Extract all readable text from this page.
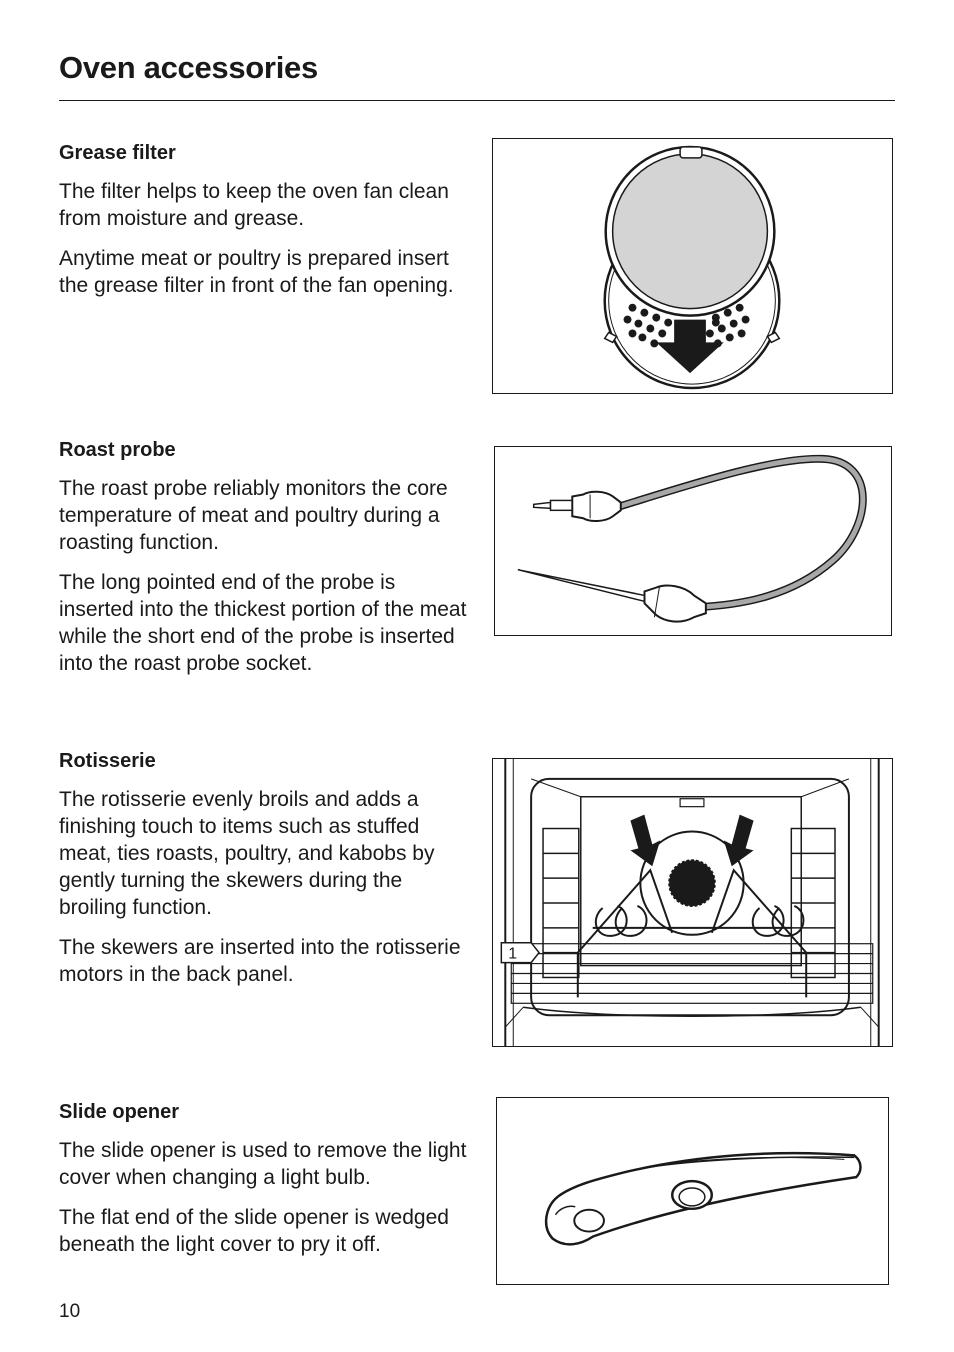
Oven accessories
Grease filter

The filter helps to keep the oven fan clean from moisture and grease.

Anytime meat or poultry is prepared insert the grease filter in front of the fan opening.

Roast probe

The roast probe reliably monitors the core temperature of meat and poultry during a roasting function.

The long pointed end of the probe is inserted into the thickest portion of the meat while the short end of the probe is inserted into the roast probe socket.

Rotisserie

The rotisserie evenly broils and adds a finishing touch to items such as stuffed meat, ties roasts, poultry, and kabobs by gently turning the skewers during the broiling function.

The skewers are inserted into the rotisserie motors in the back panel.

1
Slide opener

The slide opener is used to remove the light cover when changing a light bulb.

The flat end of the slide opener is wedged beneath the light cover to pry it off.

10
